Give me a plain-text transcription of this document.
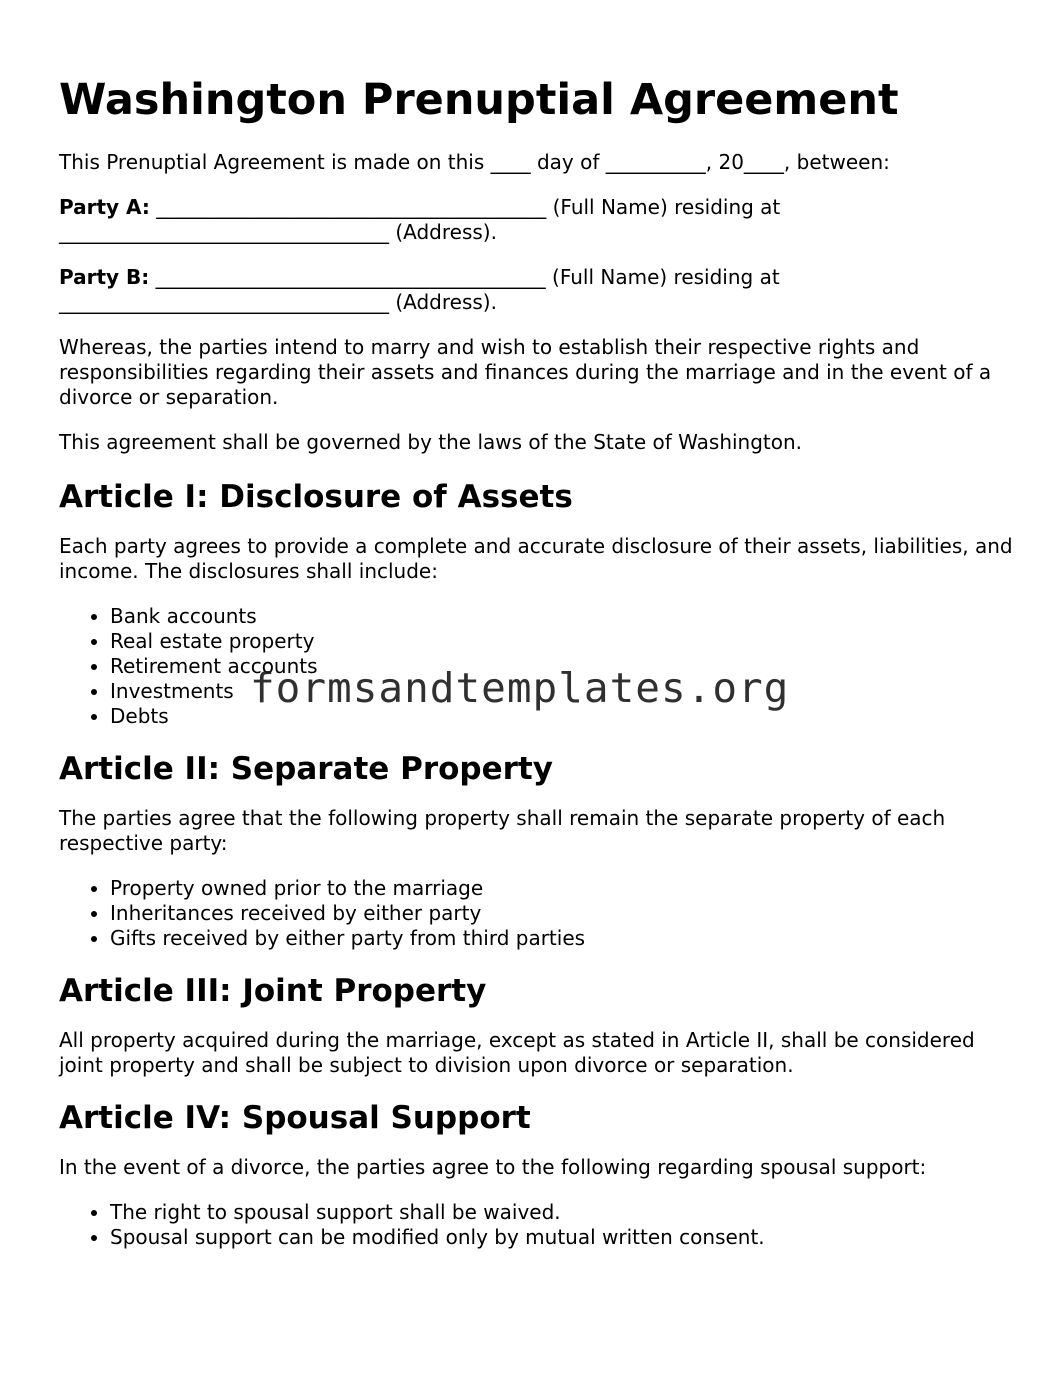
Washington Prenuptial Agreement

This Prenuptial Agreement is made on this ____ day of __________, 20____, between:

Party A: _______________________________________ (Full Name) residing at
_________________________________ (Address).

Party B: _______________________________________ (Full Name) residing at
_________________________________ (Address).

Whereas, the parties intend to marry and wish to establish their respective rights and responsibilities regarding their assets and finances during the marriage and in the event of a divorce or separation.

This agreement shall be governed by the laws of the State of Washington.

Article I: Disclosure of Assets

Each party agrees to provide a complete and accurate disclosure of their assets, liabilities, and income. The disclosures shall include:

• Bank accounts
• Real estate property
• Retirement accounts
• Investments
• Debts
Article II: Separate Property

The parties agree that the following property shall remain the separate property of each respective party:

• Property owned prior to the marriage
• Inheritances received by either party
• Gifts received by either party from third parties
Article III: Joint Property

All property acquired during the marriage, except as stated in Article II, shall be considered joint property and shall be subject to division upon divorce or separation.

Article IV: Spousal Support

In the event of a divorce, the parties agree to the following regarding spousal support:

• The right to spousal support shall be waived.
• Spousal support can be modified only by mutual written consent.
formsandtemplates.org
